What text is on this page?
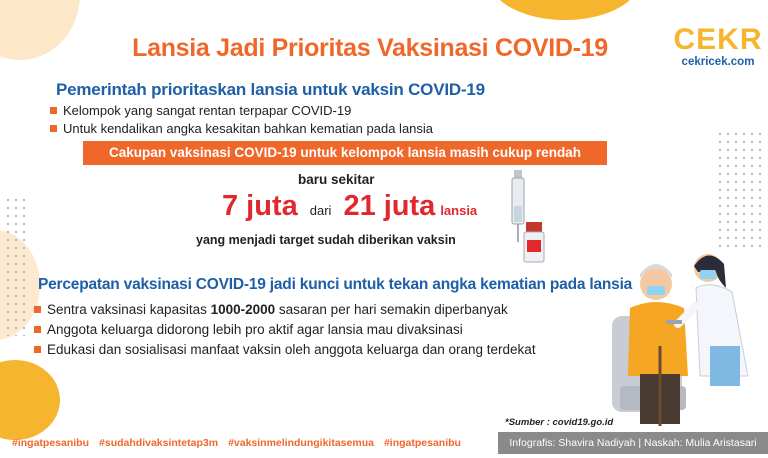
Lansia Jadi Prioritas Vaksinasi COVID-19	CEKR
cekricek.com
Pemerintah prioritaskan lansia untuk vaksin COVID-19
Kelompok yang sangat rentan terpapar COVID-19
Untuk kendalikan angka kesakitan bahkan kematian pada lansia
Cakupan vaksinasi COVID-19 untuk kelompok lansia masih cukup rendah
baru sekitar
7 juta dari 21 juta lansia
yang menjadi target sudah diberikan vaksin
Percepatan vaksinasi COVID-19 jadi kunci untuk tekan angka kematian pada lansia
Sentra vaksinasi kapasitas 1000-2000 sasaran per hari semakin diperbanyak
Anggota keluarga didorong lebih pro aktif agar lansia mau divaksinasi
Edukasi dan sosialisasi manfaat vaksin oleh anggota keluarga dan orang terdekat
*Sumber : covid19.go.id
#ingatpesanibu #sudahdivaksintetap3m #vaksinmelindungikitasemua #ingatpesanibu	Infografis: Shavira Nadiyah | Naskah: Mulia Aristasari
